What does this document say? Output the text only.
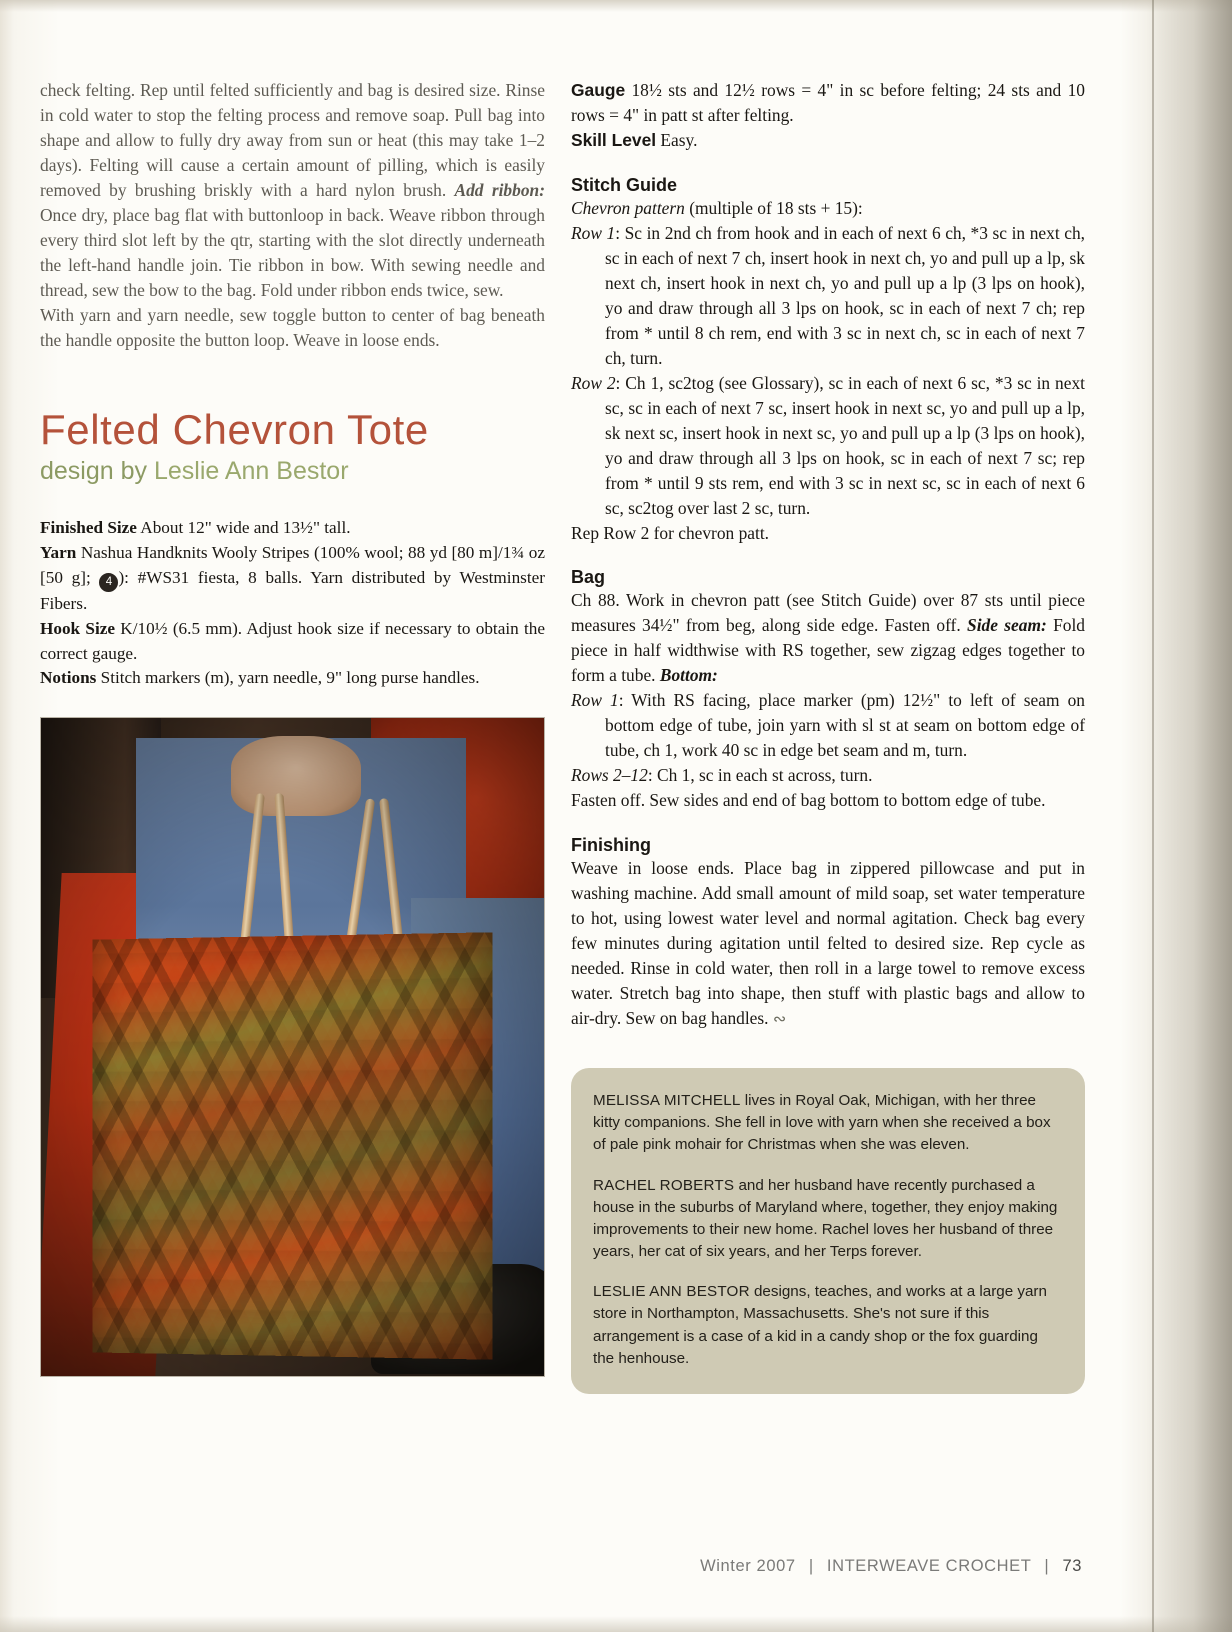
check felting. Rep until felted sufficiently and bag is desired size. Rinse in cold water to stop the felting process and remove soap. Pull bag into shape and allow to fully dry away from sun or heat (this may take 1–2 days). Felting will cause a certain amount of pilling, which is easily removed by brushing briskly with a hard nylon brush. Add ribbon: Once dry, place bag flat with buttonloop in back. Weave ribbon through every third slot left by the qtr, starting with the slot directly underneath the left-hand handle join. Tie ribbon in bow. With sewing needle and thread, sew the bow to the bag. Fold under ribbon ends twice, sew.
With yarn and yarn needle, sew toggle button to center of bag beneath the handle opposite the button loop. Weave in loose ends.
Felted Chevron Tote
design by Leslie Ann Bestor
Finished Size About 12" wide and 13½" tall.
Yarn Nashua Handknits Wooly Stripes (100% wool; 88 yd [80 m]/1¾ oz [50 g]; 4 ): #WS31 fiesta, 8 balls. Yarn distributed by Westminster Fibers.
Hook Size K/10½ (6.5 mm). Adjust hook size if necessary to obtain the correct gauge.
Notions Stitch markers (m), yarn needle, 9" long purse handles.
Gauge 18½ sts and 12½ rows = 4" in sc before felting; 24 sts and 10 rows = 4" in patt st after felting.
Skill Level Easy.
Stitch Guide
Chevron pattern (multiple of 18 sts + 15):
Row 1: Sc in 2nd ch from hook and in each of next 6 ch, *3 sc in next ch, sc in each of next 7 ch, insert hook in next ch, yo and pull up a lp, sk next ch, insert hook in next ch, yo and pull up a lp (3 lps on hook), yo and draw through all 3 lps on hook, sc in each of next 7 ch; rep from * until 8 ch rem, end with 3 sc in next ch, sc in each of next 7 ch, turn.
Row 2: Ch 1, sc2tog (see Glossary), sc in each of next 6 sc, *3 sc in next sc, sc in each of next 7 sc, insert hook in next sc, yo and pull up a lp, sk next sc, insert hook in next sc, yo and pull up a lp (3 lps on hook), yo and draw through all 3 lps on hook, sc in each of next 7 sc; rep from * until 9 sts rem, end with 3 sc in next sc, sc in each of next 6 sc, sc2tog over last 2 sc, turn.
Rep Row 2 for chevron patt.
Bag
Ch 88. Work in chevron patt (see Stitch Guide) over 87 sts until piece measures 34½" from beg, along side edge. Fasten off. Side seam: Fold piece in half widthwise with RS together, sew zigzag edges together to form a tube. Bottom:
Row 1: With RS facing, place marker (pm) 12½" to left of seam on bottom edge of tube, join yarn with sl st at seam on bottom edge of tube, ch 1, work 40 sc in edge bet seam and m, turn.
Rows 2–12: Ch 1, sc in each st across, turn.
Fasten off. Sew sides and end of bag bottom to bottom edge of tube.
Finishing
Weave in loose ends. Place bag in zippered pillowcase and put in washing machine. Add small amount of mild soap, set water temperature to hot, using lowest water level and normal agitation. Check bag every few minutes during agitation until felted to desired size. Rep cycle as needed. Rinse in cold water, then roll in a large towel to remove excess water. Stretch bag into shape, then stuff with plastic bags and allow to air-dry. Sew on bag handles. ∾

MELISSA MITCHELL lives in Royal Oak, Michigan, with her three kitty companions. She fell in love with yarn when she received a box of pale pink mohair for Christmas when she was eleven.

RACHEL ROBERTS and her husband have recently purchased a house in the suburbs of Maryland where, together, they enjoy making improvements to their new home. Rachel loves her husband of three years, her cat of six years, and her Terps forever.

LESLIE ANN BESTOR designs, teaches, and works at a large yarn store in Northampton, Massachusetts. She's not sure if this arrangement is a case of a kid in a candy shop or the fox guarding the henhouse.

Winter 2007 | INTERWEAVE CROCHET | 73
